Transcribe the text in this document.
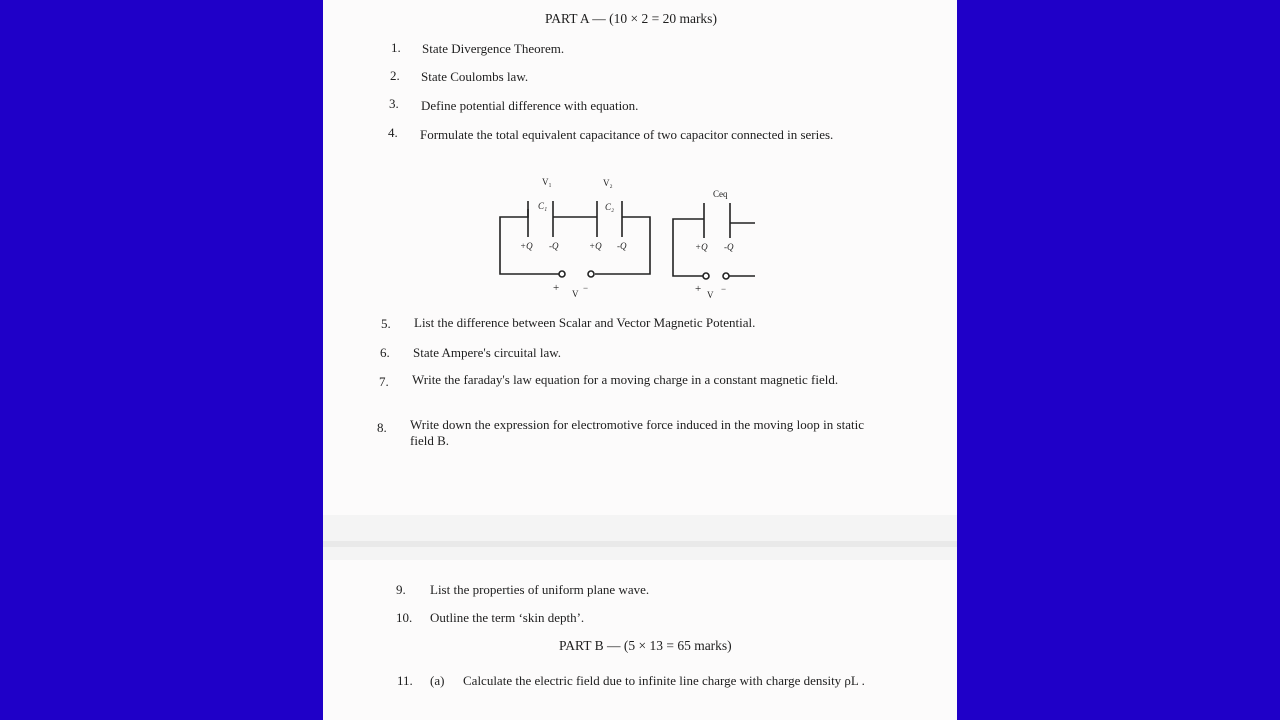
PART A — (10 × 2 = 20 marks)
1. State Divergence Theorem.
2. State Coulombs law.
3. Define potential difference with equation.
4. Formulate the total equivalent capacitance of two capacitor connected in series.
V₁	V₂
C₁	C₂
Ceq
+Q -Q	+Q -Q	+Q -Q
+ V
−	+ V
−
5. List the difference between Scalar and Vector Magnetic Potential.
6. State Ampere's circuital law.
7. Write the faraday's law equation for a moving charge in a constant magnetic field.
8. Write down the expression for electromotive force induced in the moving loop in static field B.
9. List the properties of uniform plane wave.
10. Outline the term ‘skin depth’.
PART B — (5 × 13 = 65 marks)
11. (a) Calculate the electric field due to infinite line charge with charge density ρL .
